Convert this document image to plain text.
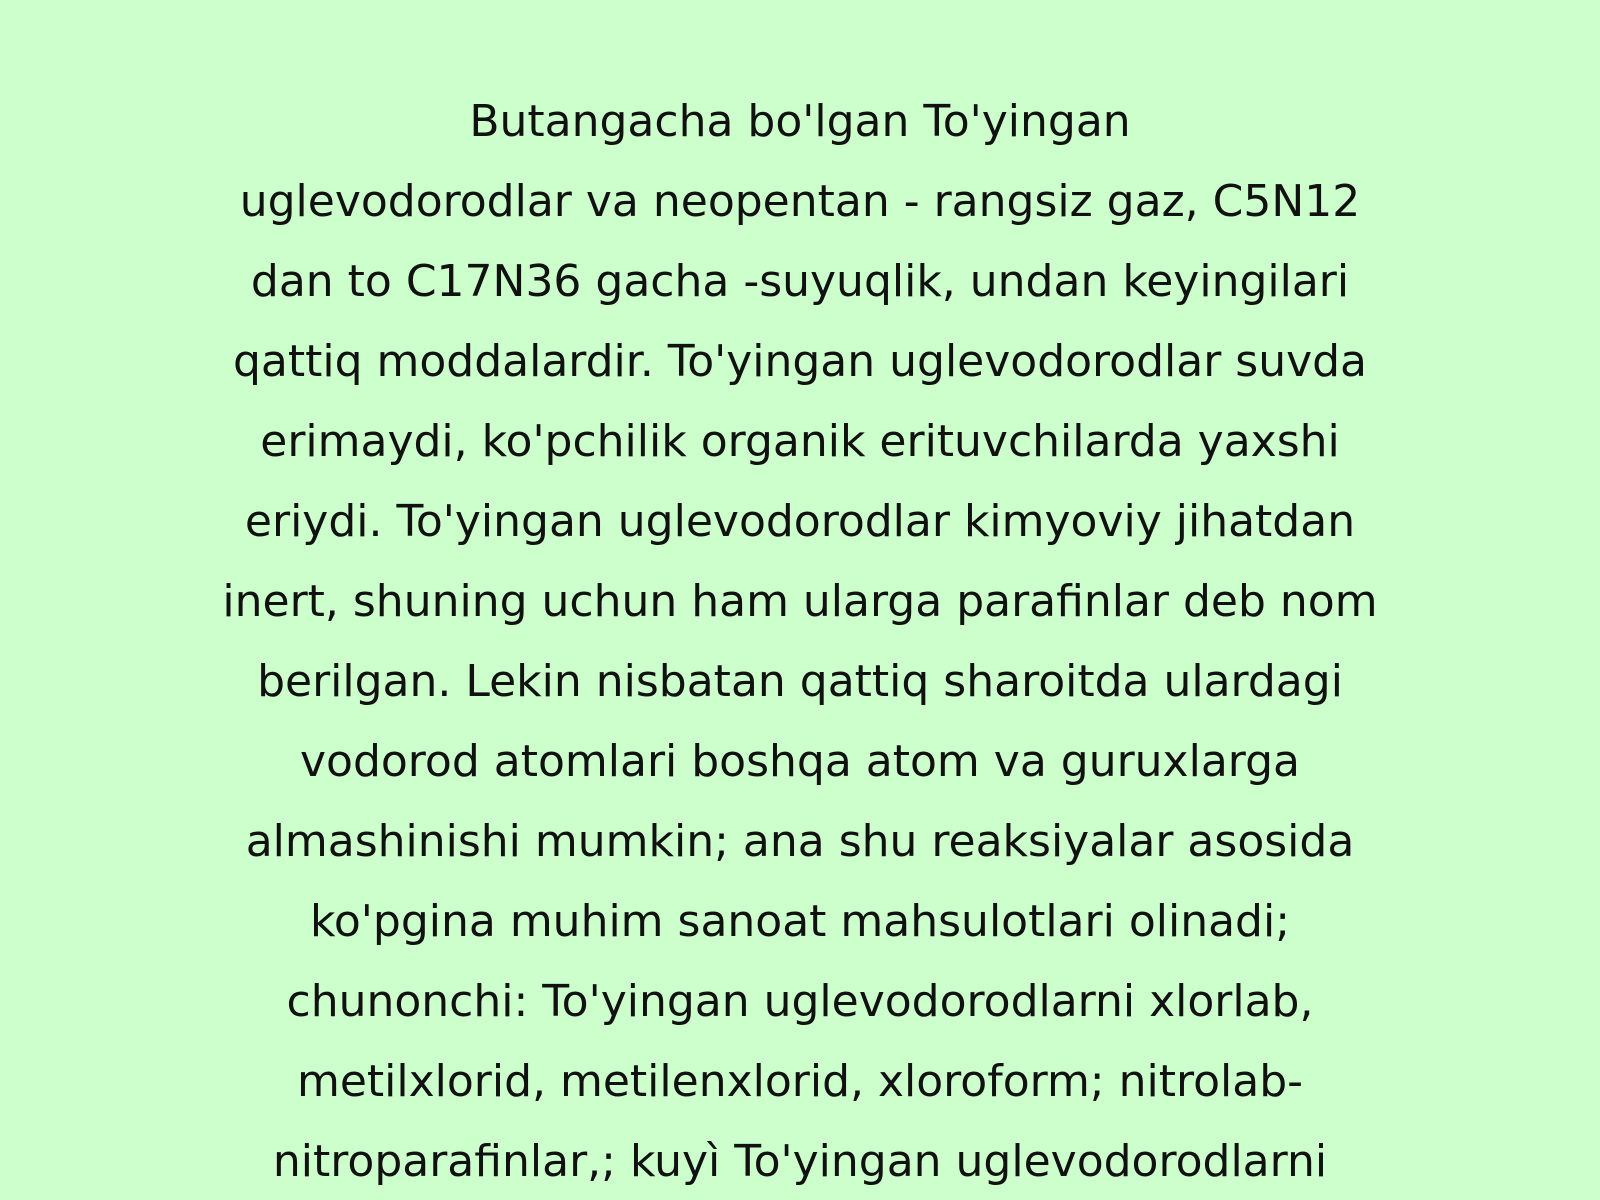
Butangacha bo'lgan To'yingan
uglevodorodlar va neopentan - rangsiz gaz, C5N12
dan to C17N36 gacha -suyuqlik, undan keyingilari
qattiq moddalardir. To'yingan uglevodorodlar suvda
erimaydi, ko'pchilik organik erituvchilarda yaxshi
eriydi. To'yingan uglevodorodlar kimyoviy jihatdan
inert, shuning uchun ham ularga parafinlar deb nom
berilgan. Lekin nisbatan qattiq sharoitda ulardagi
vodorod atomlari boshqa atom va guruxlarga
almashinishi mumkin; ana shu reaksiyalar asosida
ko'pgina muhim sanoat mahsulotlari olinadi;
chunonchi: To'yingan uglevodorodlarni xlorlab,
metilxlorid, metilenxlorid, xloroform; nitrolab-
nitroparafinlar,; kuyì To'yingan uglevodorodlarni
